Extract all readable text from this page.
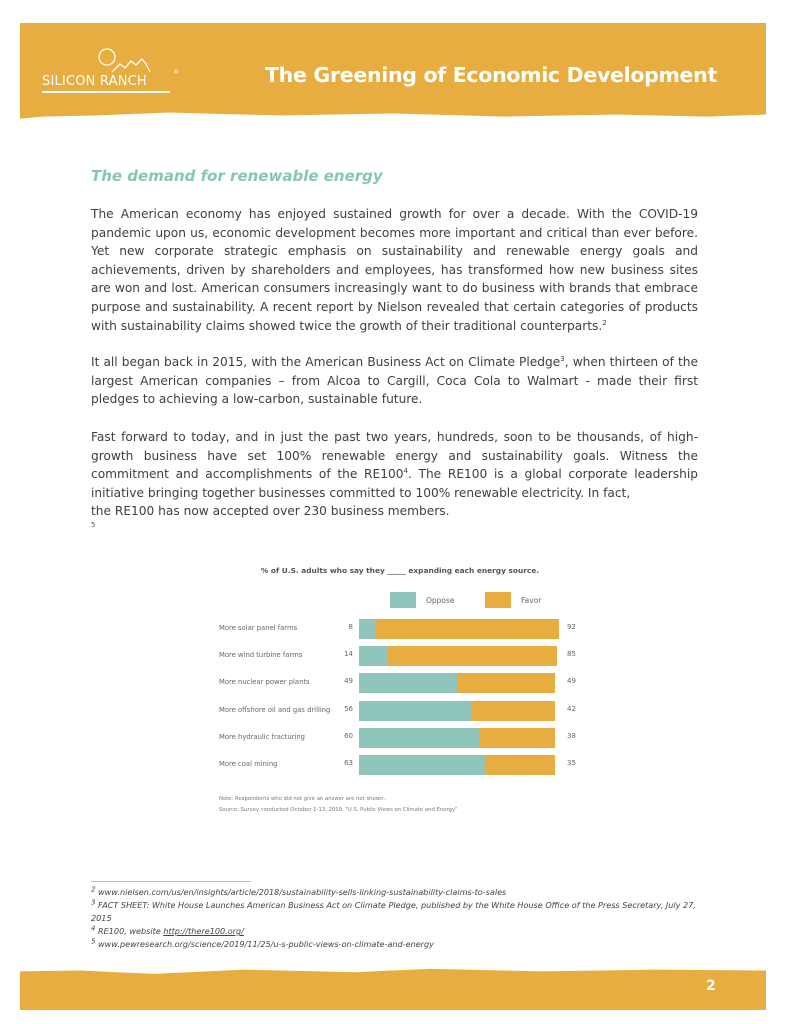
SILICON RANCH
®	The Greening of Economic Development
The demand for renewable energy

The American economy has enjoyed sustained growth for over a decade. With the COVID-19 pandemic upon us, economic development becomes more important and critical than ever before. Yet new corporate strategic emphasis on sustainability and renewable energy goals and achievements, driven by shareholders and employees, has transformed how new business sites are won and lost. American consumers increasingly want to do business with brands that embrace purpose and sustainability. A recent report by Nielson revealed that certain categories of products with sustainability claims showed twice the growth of their traditional counterparts.$^2$

It all began back in 2015, with the American Business Act on Climate Pledge$^3$, when thirteen of the largest American companies – from Alcoa to Cargill, Coca Cola to Walmart - made their first pledges to achieving a low-carbon, sustainable future.

Fast forward to today, and in just the past two years, hundreds, soon to be thousands, of high-growth business have set 100% renewable energy and sustainability goals. Witness the commitment and accomplishments of the $RE100^4$. The RE100 is a global corporate leadership initiative bringing together businesses committed to 100% renewable electricity. In fact,
the RE100 has now accepted over 230 business members.

5
% of U.S. adults who say they _____ expanding each energy source.
Oppose	Favor
More solar panel farms	8	92
More wind turbine farms	14	85
More nuclear power plants	49	49
More offshore oil and gas drilling	56	42
More hydraulic fracturing	60	38
More coal mining	63	35
Note: Respondents who did not give an answer are not shown.
Source: Survey conducted October 1-13, 2019. "U.S. Public Views on Climate and Energy"
$^2$ www.nielsen.com/us/en/insights/article/2018/sustainability-sells-linking-sustainability-claims-to-sales
$^3$ FACT SHEET: White House Launches American Business Act on Climate Pledge, published by the White House Office of the Press Secretary, July 27, 2015
$^4$ RE100, website http://there100.org/
$^5$ www.pewresearch.org/science/2019/11/25/u-s-public-views-on-climate-and-energy
2
